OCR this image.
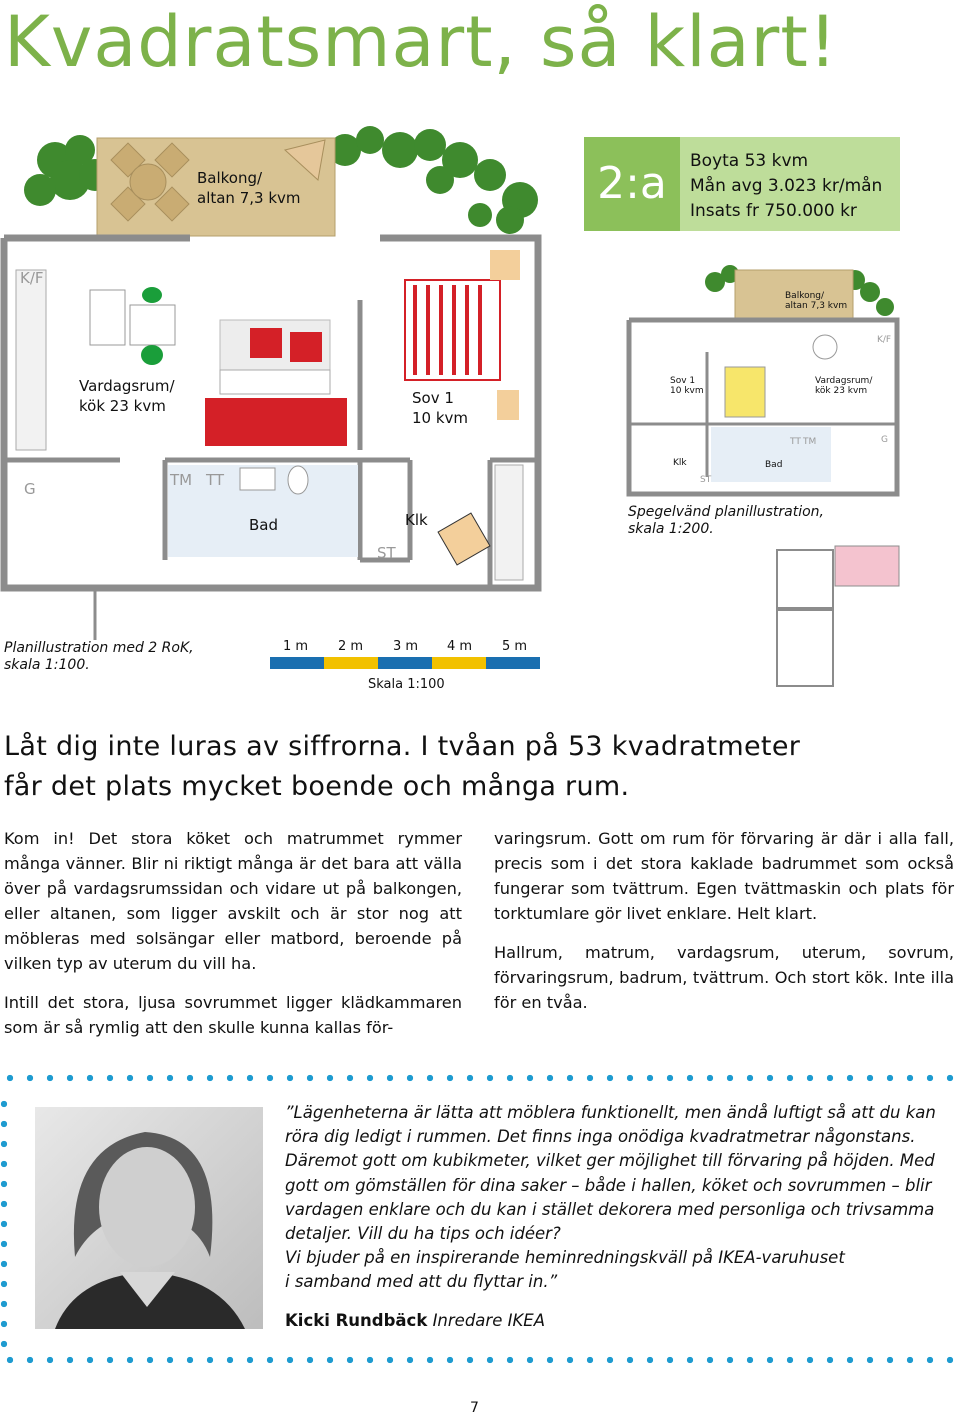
Kvadratsmart, så klart!
2:a	Boyta 53 kvm
Mån avg 3.023 kr/mån
Insats fr 750.000 kr
Balkong/
altan 7,3 kvm
K/F
Vardagsrum/
kök 23 kvm	Sov 1
10 kvm
TM TT
Bad	Klk
ST
G
Planillustration med 2 RoK,
skala 1:100.
1 m 2 m 3 m 4 m 5 m
Skala 1:100
Balkong/
altan 7,3 kvm
Sov 1
10 kvm
Vardagsrum/
kök 23 kvm
K/F
TT TM	G
Klk	Bad
ST
Spegelvänd planillustration,
skala 1:200.
Låt dig inte luras av siffrorna. I tvåan på 53 kvadratmeter
får det plats mycket boende och många rum.

Kom in! Det stora köket och matrummet rymmer många vänner. Blir ni riktigt många är det bara att välla över på vardagsrumssidan och vidare ut på balkongen, eller altanen, som ligger avskilt och är stor nog att möbleras med solsängar eller matbord, beroende på vilken typ av uterum du vill ha.

Intill det stora, ljusa sovrummet ligger klädkammaren som är så rymlig att den skulle kunna kallas för-

varingsrum. Gott om rum för förvaring är där i alla fall, precis som i det stora kaklade badrummet som också fungerar som tvättrum. Egen tvättmaskin och plats för torktumlare gör livet enklare. Helt klart.

Hallrum, matrum, vardagsrum, uterum, sovrum, förvaringsrum, badrum, tvättrum. Och stort kök. Inte illa för en tvåa.

”Lägenheterna är lätta att möblera funktionellt, men ändå luftigt så att du kan röra dig ledigt i rummen. Det finns inga onödiga kvadratmetrar någonstans. Däremot gott om kubikmeter, vilket ger möjlighet till förvaring på höjden. Med gott om gömställen för dina saker – både i hallen, köket och sovrummen – blir vardagen enklare och du kan i stället dekorera med personliga och trivsamma detaljer. Vill du ha tips och idéer?
Vi bjuder på en inspirerande heminredningskväll på IKEA-varuhuset
i samband med att du flyttar in.”
Kicki Rundbäck Inredare IKEA
7
